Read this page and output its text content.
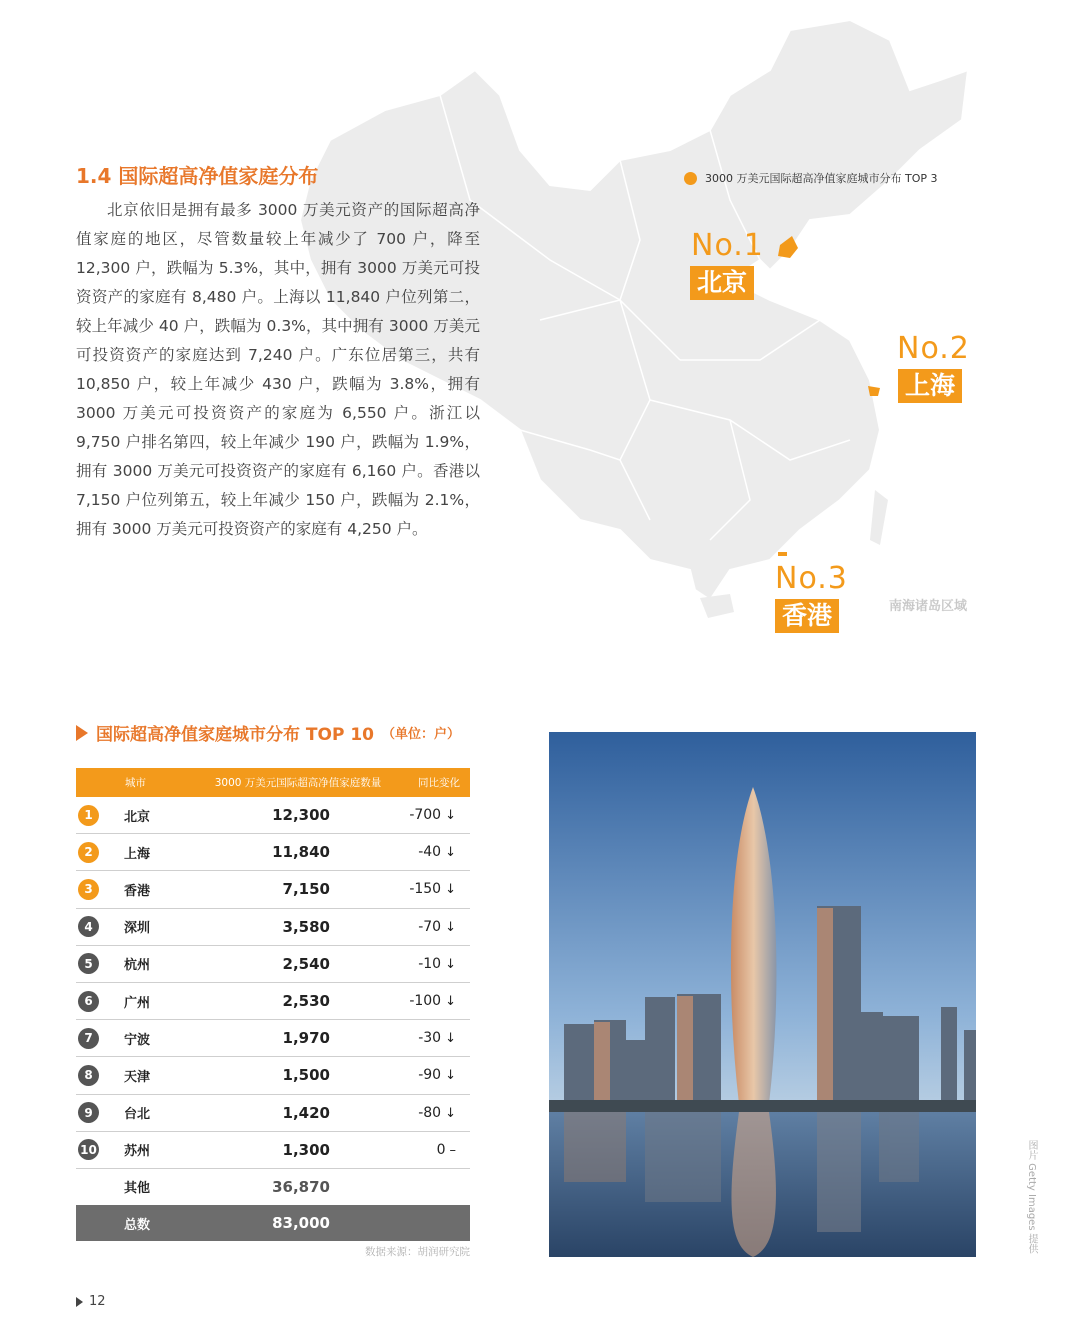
1.4 国际超高净值家庭分布
北京依旧是拥有最多 3000 万美元资产的国际超高净值家庭的地区，尽管数量较上年减少了 700 户，降至 12,300 户，跌幅为 5.3%，其中，拥有 3000 万美元可投资资产的家庭有 8,480 户。上海以 11,840 户位列第二，较上年减少 40 户，跌幅为 0.3%，其中拥有 3000 万美元可投资资产的家庭达到 7,240 户。广东位居第三，共有 10,850 户，较上年减少 430 户，跌幅为 3.8%，拥有 3000 万美元可投资资产的家庭为 6,550 户。浙江以 9,750 户排名第四，较上年减少 190 户，跌幅为 1.9%，拥有 3000 万美元可投资资产的家庭有 6,160 户。香港以 7,150 户位列第五，较上年减少 150 户，跌幅为 2.1%，拥有 3000 万美元可投资资产的家庭有 4,250 户。
3000 万美元国际超高净值家庭城市分布 TOP 3
No.1
北京
No.2
上海
No.3
香港	南海诸岛区域
国际超高净值家庭城市分布 TOP 10 （单位：户）
城市	3000 万美元国际超高净值家庭数量	同比变化
1	北京	12,300	-700 ↓
2	上海	11,840	-40 ↓
3	香港	7,150	-150 ↓
4	深圳	3,580	-70 ↓
5	杭州	2,540	-10 ↓
6	广州	2,530	-100 ↓
7	宁波	1,970	-30 ↓
8	天津	1,500	-90 ↓
9	台北	1,420	-80 ↓
10	苏州	1,300	0 –
其他	36,870
总数	83,000
数据来源：胡润研究院	图片 Getty Images 提供
12
